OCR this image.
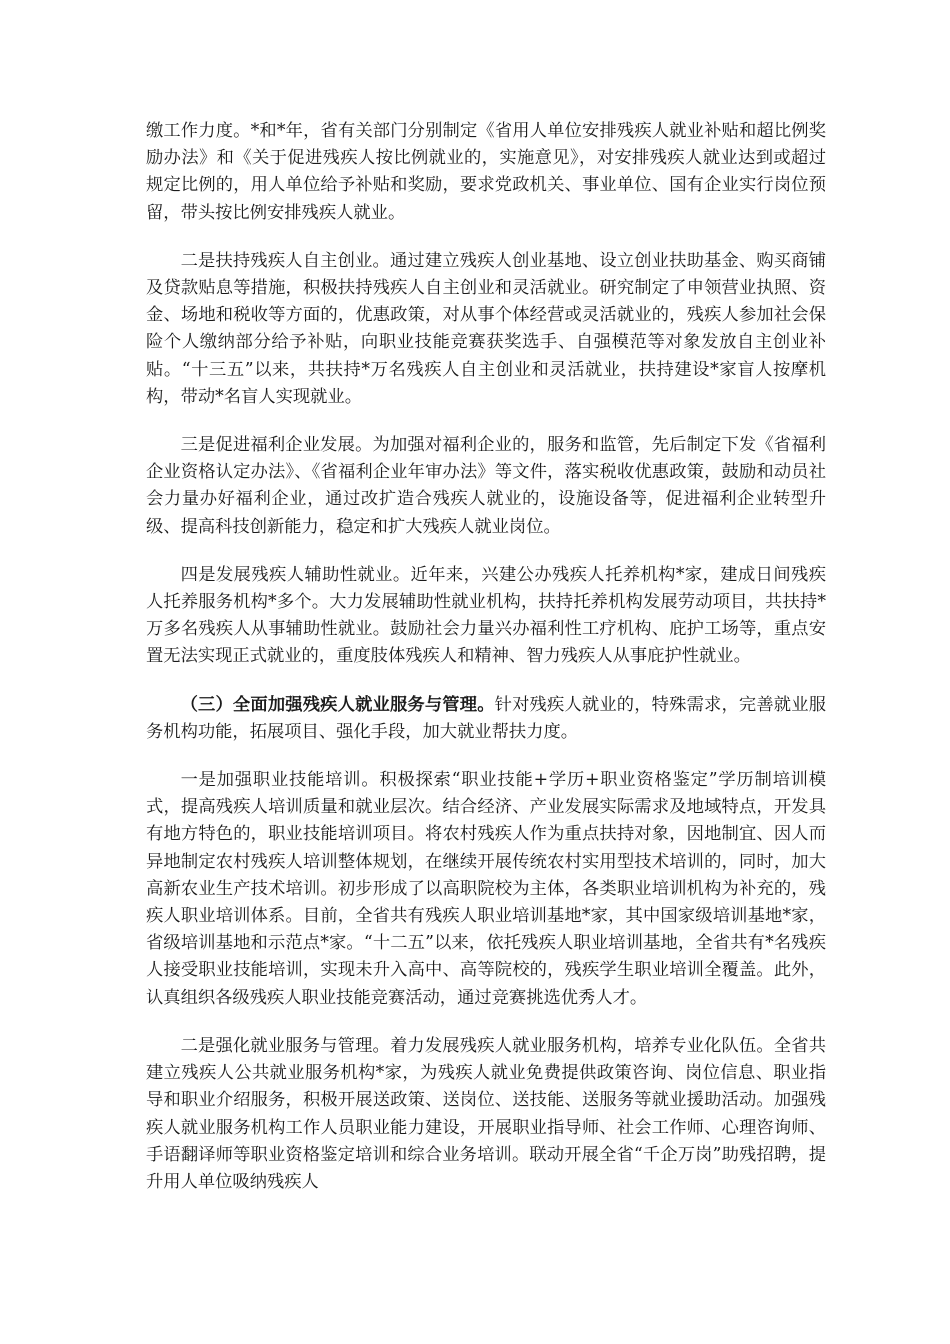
缴工作力度。*和*年，省有关部门分别制定《省用人单位安排残疾人就业补贴和超比例奖励办法》和《关于促进残疾人按比例就业的，实施意见》，对安排残疾人就业达到或超过规定比例的，用人单位给予补贴和奖励，要求党政机关、事业单位、国有企业实行岗位预留，带头按比例安排残疾人就业。

二是扶持残疾人自主创业。通过建立残疾人创业基地、设立创业扶助基金、购买商铺及贷款贴息等措施，积极扶持残疾人自主创业和灵活就业。研究制定了申领营业执照、资金、场地和税收等方面的，优惠政策，对从事个体经营或灵活就业的，残疾人参加社会保险个人缴纳部分给予补贴，向职业技能竞赛获奖选手、自强模范等对象发放自主创业补贴。“十三五”以来，共扶持*万名残疾人自主创业和灵活就业，扶持建设*家盲人按摩机构，带动*名盲人实现就业。

三是促进福利企业发展。为加强对福利企业的，服务和监管，先后制定下发《省福利企业资格认定办法》、《省福利企业年审办法》等文件，落实税收优惠政策，鼓励和动员社会力量办好福利企业，通过改扩造合残疾人就业的，设施设备等，促进福利企业转型升级、提高科技创新能力，稳定和扩大残疾人就业岗位。

四是发展残疾人辅助性就业。近年来，兴建公办残疾人托养机构*家，建成日间残疾人托养服务机构*多个。大力发展辅助性就业机构，扶持托养机构发展劳动项目，共扶持*万多名残疾人从事辅助性就业。鼓励社会力量兴办福利性工疗机构、庇护工场等，重点安置无法实现正式就业的，重度肢体残疾人和精神、智力残疾人从事庇护性就业。

（三）全面加强残疾人就业服务与管理。针对残疾人就业的，特殊需求，完善就业服务机构功能，拓展项目、强化手段，加大就业帮扶力度。

一是加强职业技能培训。积极探索“职业技能+学历+职业资格鉴定”学历制培训模式，提高残疾人培训质量和就业层次。结合经济、产业发展实际需求及地域特点，开发具有地方特色的，职业技能培训项目。将农村残疾人作为重点扶持对象，因地制宜、因人而异地制定农村残疾人培训整体规划，在继续开展传统农村实用型技术培训的，同时，加大高新农业生产技术培训。初步形成了以高职院校为主体，各类职业培训机构为补充的，残疾人职业培训体系。目前，全省共有残疾人职业培训基地*家，其中国家级培训基地*家，省级培训基地和示范点*家。“十二五”以来，依托残疾人职业培训基地，全省共有*名残疾人接受职业技能培训，实现未升入高中、高等院校的，残疾学生职业培训全覆盖。此外，认真组织各级残疾人职业技能竞赛活动，通过竞赛挑选优秀人才。

二是强化就业服务与管理。着力发展残疾人就业服务机构，培养专业化队伍。全省共建立残疾人公共就业服务机构*家，为残疾人就业免费提供政策咨询、岗位信息、职业指导和职业介绍服务，积极开展送政策、送岗位、送技能、送服务等就业援助活动。加强残疾人就业服务机构工作人员职业能力建设，开展职业指导师、社会工作师、心理咨询师、手语翻译师等职业资格鉴定培训和综合业务培训。联动开展全省“千企万岗”助残招聘，提升用人单位吸纳残疾人
